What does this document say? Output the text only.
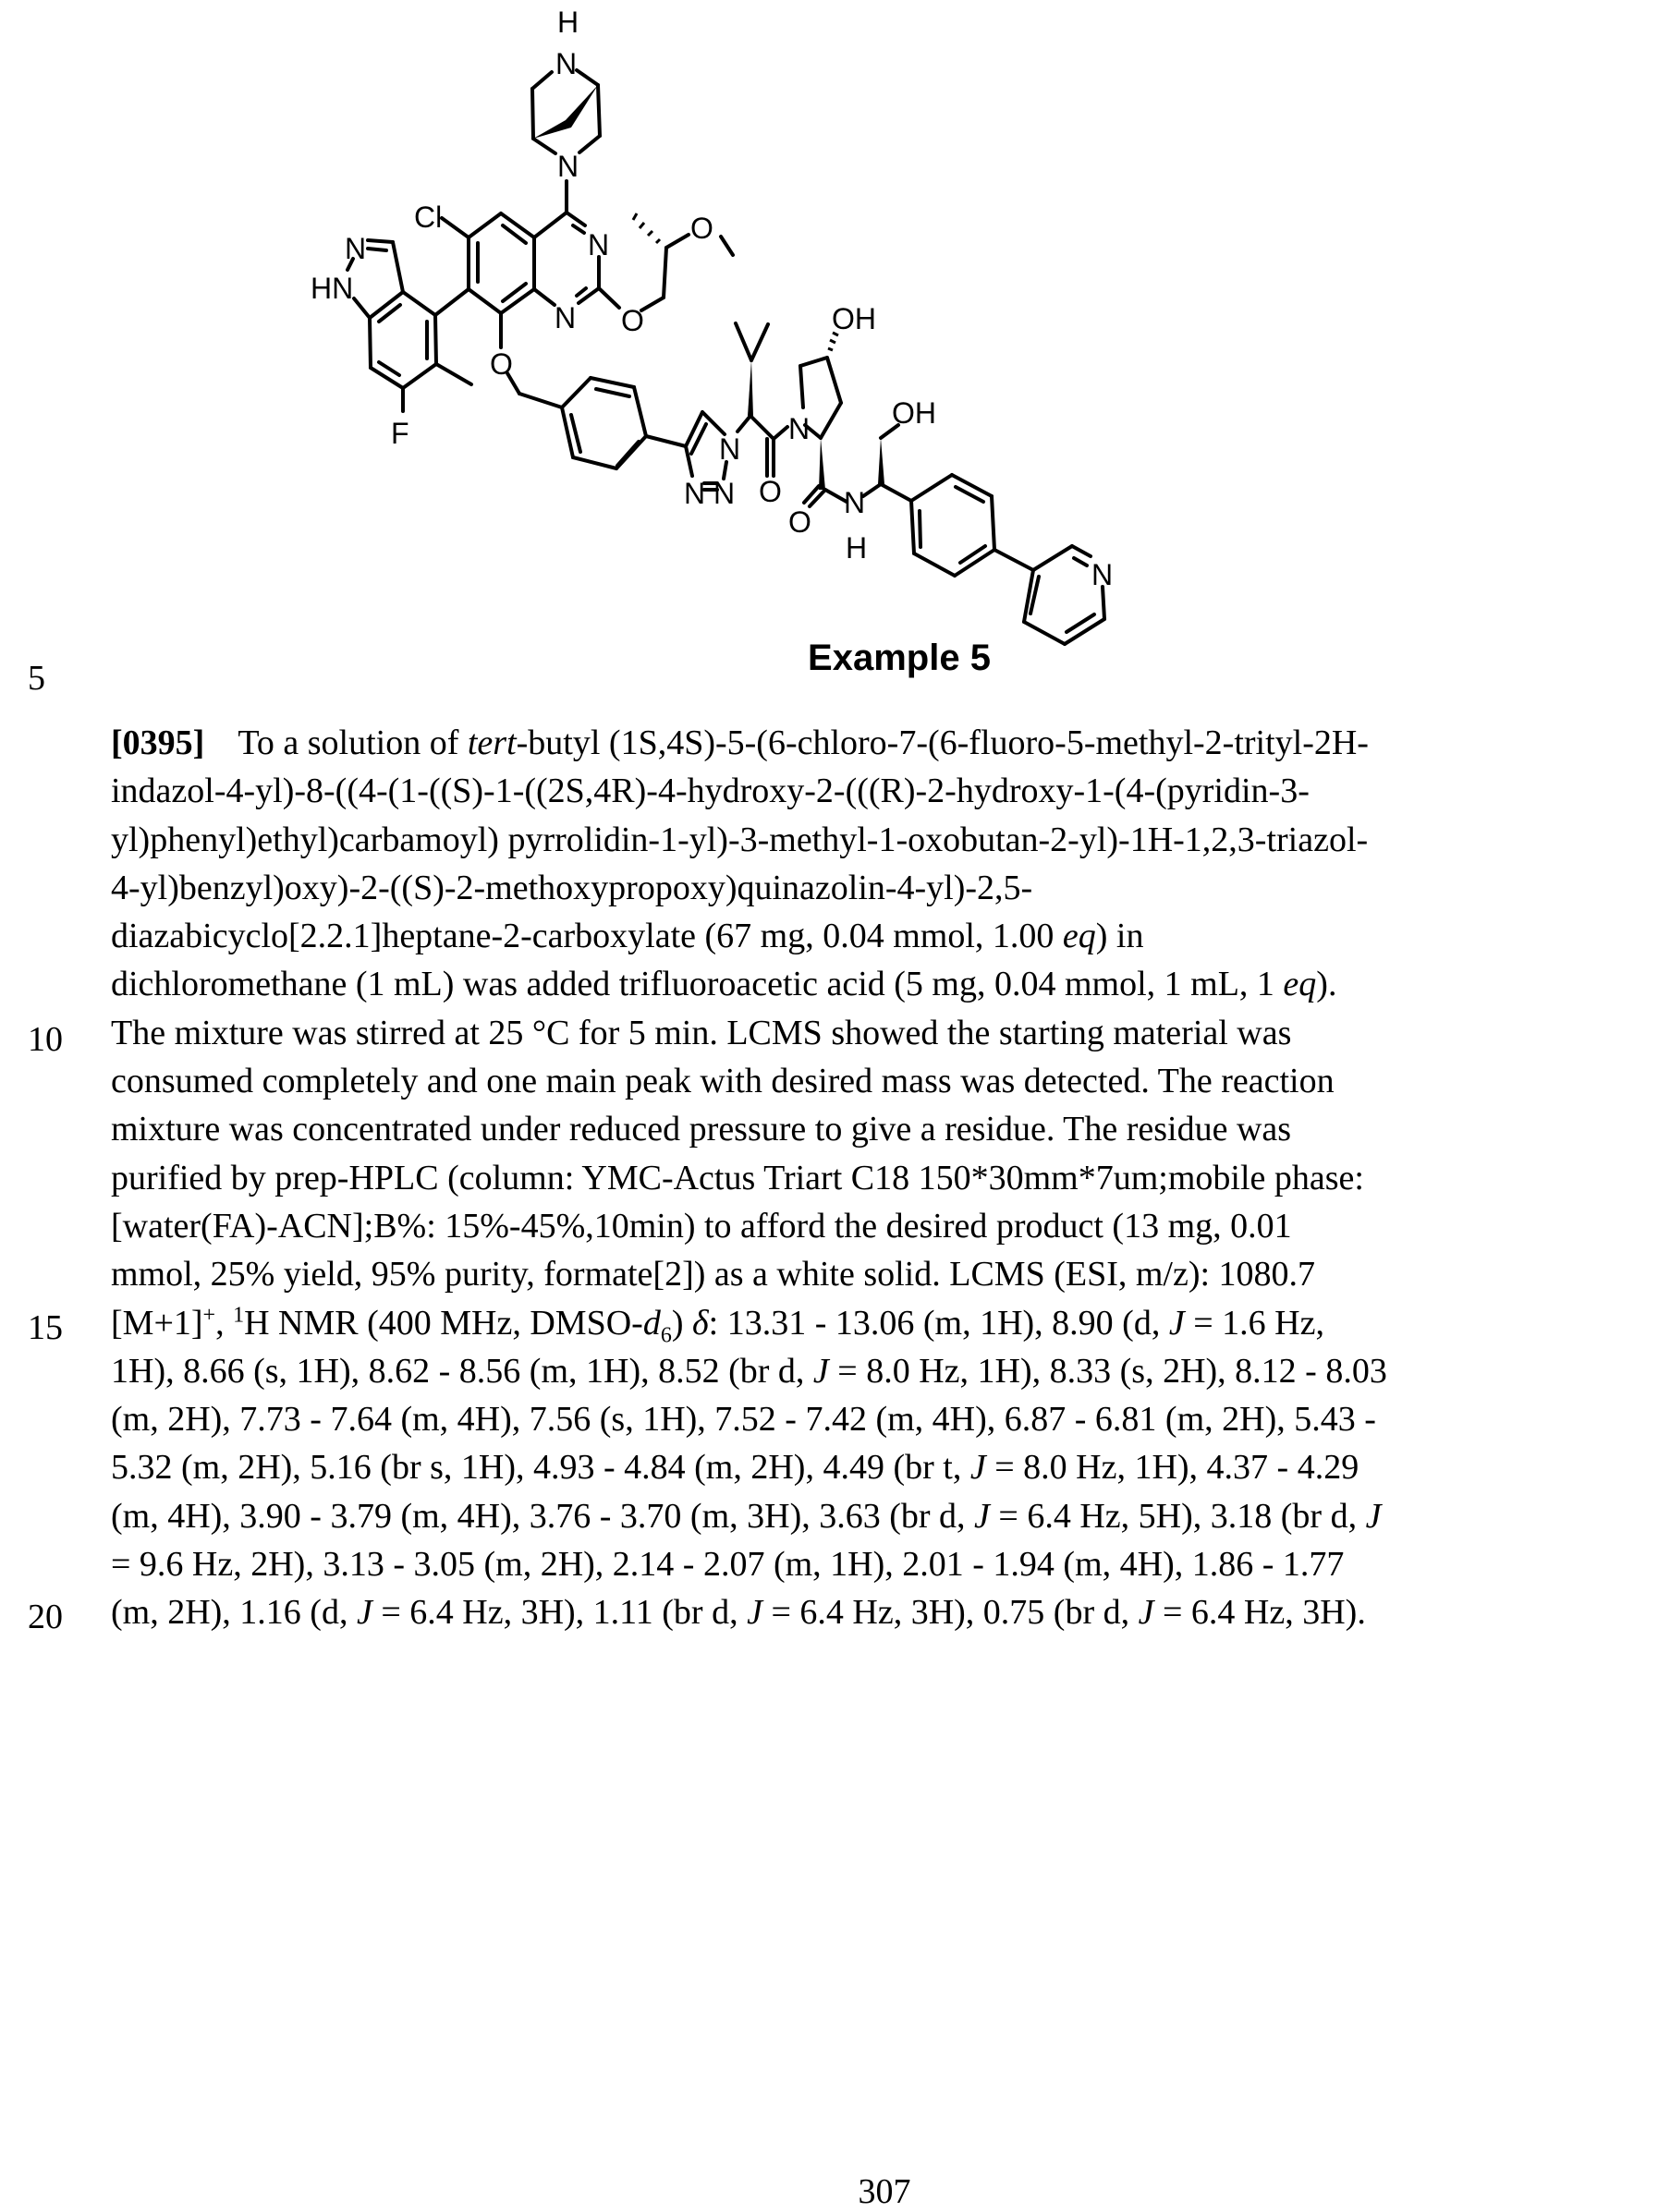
H
N
N
Cl
N
N
N
HN
O
O
O
F
OH
OH
N
N N O
N
O
N
H
N
Example 5
5
10
15
20
[0395] To a solution of tert-butyl (1S,4S)-5-(6-chloro-7-(6-fluoro-5-methyl-2-trityl-2H-
indazol-4-yl)-8-((4-(1-((S)-1-((2S,4R)-4-hydroxy-2-(((R)-2-hydroxy-1-(4-(pyridin-3-
yl)phenyl)ethyl)carbamoyl) pyrrolidin-1-yl)-3-methyl-1-oxobutan-2-yl)-1H-1,2,3-triazol-
4-yl)benzyl)oxy)-2-((S)-2-methoxypropoxy)quinazolin-4-yl)-2,5-
diazabicyclo[2.2.1]heptane-2-carboxylate (67 mg, 0.04 mmol, 1.00 eq) in
dichloromethane (1 mL) was added trifluoroacetic acid (5 mg, 0.04 mmol, 1 mL, 1 eq).
The mixture was stirred at 25 °C for 5 min. LCMS showed the starting material was
consumed completely and one main peak with desired mass was detected. The reaction
mixture was concentrated under reduced pressure to give a residue. The residue was
purified by prep-HPLC (column: YMC-Actus Triart C18 150*30mm*7um;mobile phase:
[water(FA)-ACN];B%: 15%-45%,10min) to afford the desired product (13 mg, 0.01
mmol, 25% yield, 95% purity, formate[2]) as a white solid. LCMS (ESI, m/z): 1080.7
[M+1]+, $^1$H NMR (400 MHz, DMSO-$d_6$) δ: 13.31 - 13.06 (m, 1H), 8.90 (d, J = 1.6 Hz,
1H), 8.66 (s, 1H), 8.62 - 8.56 (m, 1H), 8.52 (br d, J = 8.0 Hz, 1H), 8.33 (s, 2H), 8.12 - 8.03
(m, 2H), 7.73 - 7.64 (m, 4H), 7.56 (s, 1H), 7.52 - 7.42 (m, 4H), 6.87 - 6.81 (m, 2H), 5.43 -
5.32 (m, 2H), 5.16 (br s, 1H), 4.93 - 4.84 (m, 2H), 4.49 (br t, J = 8.0 Hz, 1H), 4.37 - 4.29
(m, 4H), 3.90 - 3.79 (m, 4H), 3.76 - 3.70 (m, 3H), 3.63 (br d, J = 6.4 Hz, 5H), 3.18 (br d, J
= 9.6 Hz, 2H), 3.13 - 3.05 (m, 2H), 2.14 - 2.07 (m, 1H), 2.01 - 1.94 (m, 4H), 1.86 - 1.77
(m, 2H), 1.16 (d, J = 6.4 Hz, 3H), 1.11 (br d, J = 6.4 Hz, 3H), 0.75 (br d, J = 6.4 Hz, 3H).
307
